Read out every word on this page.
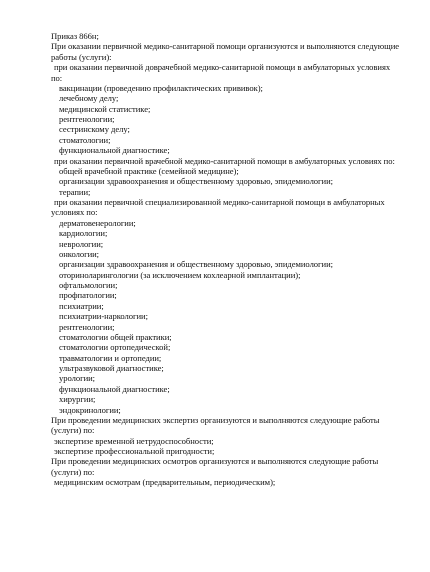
Приказ 866н;
При оказании первичной медико-санитарной помощи организуются и выполняются следующие
работы (услуги):
при оказании первичной доврачебной медико-санитарной помощи в амбулаторных условиях
по:
вакцинации (проведению профилактических прививок);
лечебному делу;
медицинской статистике;
рентгенологии;
сестринскому делу;
стоматологии;
функциональной диагностике;
при оказании первичной врачебной медико-санитарной помощи в амбулаторных условиях по:
общей врачебной практике (семейной медицине);
организации здравоохранения и общественному здоровью, эпидемиологии;
терапии;
при оказании первичной специализированной медико-санитарной помощи в амбулаторных
условиях по:
дерматовенерологии;
кардиологии;
неврологии;
онкологии;
организации здравоохранения и общественному здоровью, эпидемиологии;
оториноларингологии (за исключением кохлеарной имплантации);
офтальмологии;
профпатологии;
психиатрии;
психиатрии-наркологии;
рентгенологии;
стоматологии общей практики;
стоматологии ортопедической;
травматологии и ортопедии;
ультразвуковой диагностике;
урологии;
функциональной диагностике;
хирургии;
эндокринологии;
При проведении медицинских экспертиз организуются и выполняются следующие работы
(услуги) по:
экспертизе временной нетрудоспособности;
экспертизе профессиональной пригодности;
При проведении медицинских осмотров организуются и выполняются следующие работы
(услуги) по:
медицинским осмотрам (предварительным, периодическим);
